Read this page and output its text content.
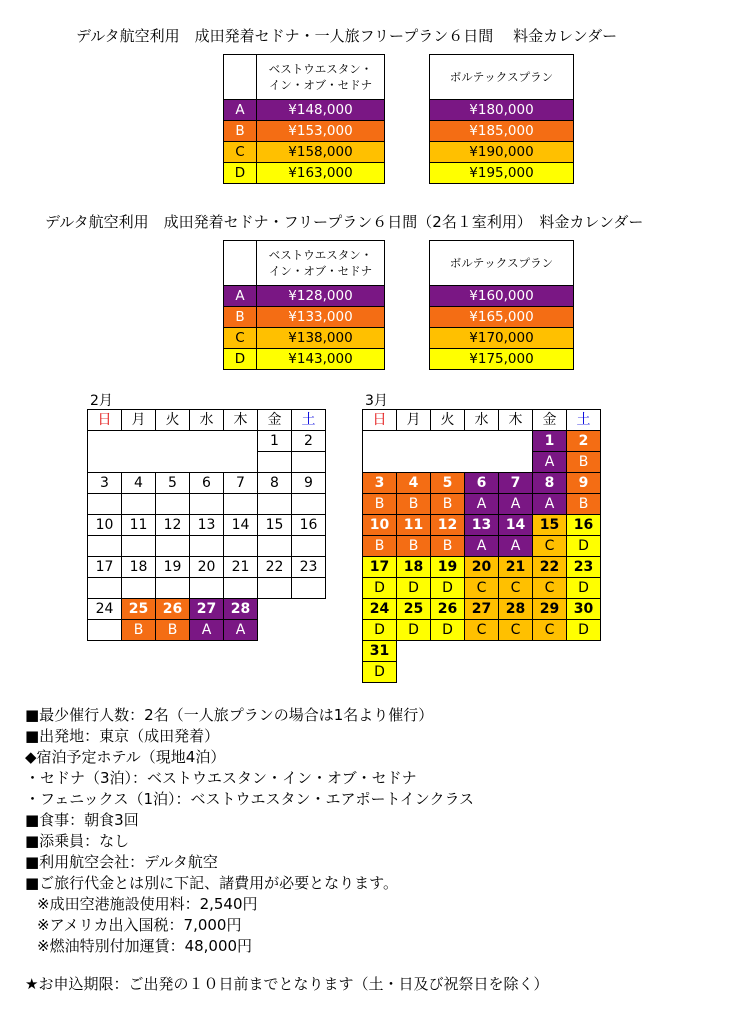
デルタ航空利用　成田発着セドナ・一人旅フリープラン６日間　 料金カレンダー
	ベストウエスタン・
イン・オブ・セドナ
A	¥148,000
B	¥153,000
C	¥158,000
D	¥163,000
ボルテックスプラン
¥180,000
¥185,000
¥190,000
¥195,000
デルタ航空利用　成田発着セドナ・フリープラン６日間（2名１室利用）　料金カレンダー
	ベストウエスタン・
イン・オブ・セドナ
A	¥128,000
B	¥133,000
C	¥138,000
D	¥143,000
ボルテックスプラン
¥160,000
¥165,000
¥170,000
¥175,000
2月	3月
日	月	火	水	木	金	土
					1	2

3	4	5	6	7	8	9

10	11	12	13	14	15	16

17	18	19	20	21	22	23

24	25	26	27	28		
	B	B	A	A		
日	月	火	水	木	金	土
					1	2
					A	B
3	4	5	6	7	8	9
B	B	B	A	A	A	B
10	11	12	13	14	15	16
B	B	B	A	A	C	D
17	18	19	20	21	22	23
D	D	D	C	C	C	D
24	25	26	27	28	29	30
D	D	D	C	C	C	D
31						
D						
■最少催行人数：2名（一人旅プランの場合は1名より催行）
■出発地：東京（成田発着）
◆宿泊予定ホテル（現地4泊）
・セドナ（3泊）：ベストウエスタン・イン・オブ・セドナ
・フェニックス（1泊）：ベストウエスタン・エアポートインクラス
■食事：朝食3回
■添乗員：なし
■利用航空会社：デルタ航空
■ご旅行代金とは別に下記、諸費用が必要となります。
※成田空港施設使用料：2,540円
※アメリカ出入国税：7,000円
※燃油特別付加運賃：48,000円
★お申込期限：ご出発の１０日前までとなります（土・日及び祝祭日を除く）
